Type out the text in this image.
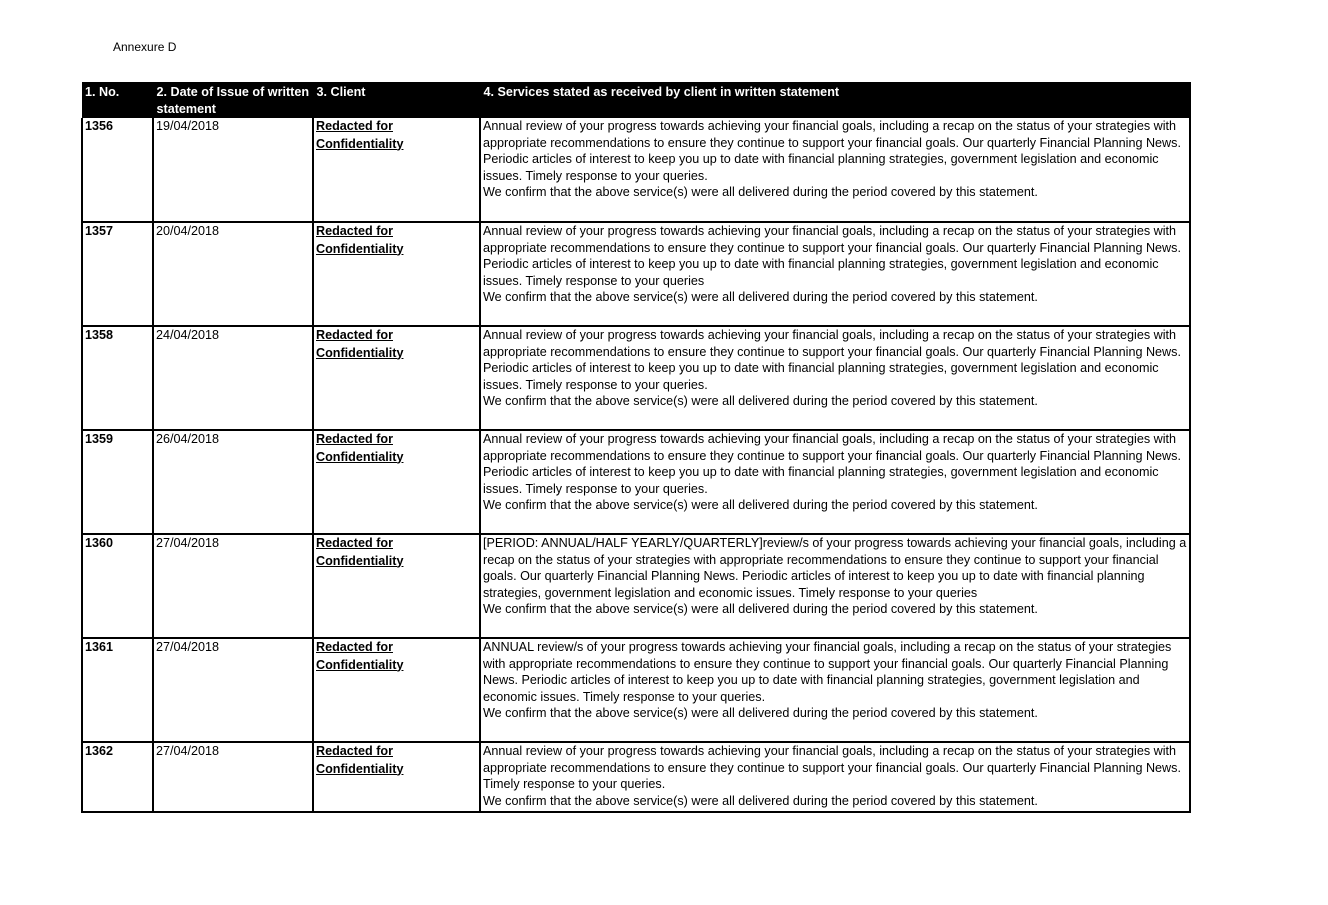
Annexure D
1. No.	2. Date of Issue of written statement	3. Client	4. Services stated as received by client in written statement
1356	19/04/2018	Redacted for
Confidentiality	Annual review of your progress towards achieving your financial goals, including a recap on the status of your strategies with appropriate recommendations to ensure they continue to support your financial goals. Our quarterly Financial Planning News. Periodic articles of interest to keep you up to date with financial planning strategies, government legislation and economic issues. Timely response to your queries.
We confirm that the above service(s) were all delivered during the period covered by this statement.
1357	20/04/2018	Redacted for
Confidentiality	Annual review of your progress towards achieving your financial goals, including a recap on the status of your strategies with appropriate recommendations to ensure they continue to support your financial goals. Our quarterly Financial Planning News. Periodic articles of interest to keep you up to date with financial planning strategies, government legislation and economic issues. Timely response to your queries
We confirm that the above service(s) were all delivered during the period covered by this statement.
1358	24/04/2018	Redacted for
Confidentiality	Annual review of your progress towards achieving your financial goals, including a recap on the status of your strategies with appropriate recommendations to ensure they continue to support your financial goals. Our quarterly Financial Planning News. Periodic articles of interest to keep you up to date with financial planning strategies, government legislation and economic issues. Timely response to your queries.
We confirm that the above service(s) were all delivered during the period covered by this statement.
1359	26/04/2018	Redacted for
Confidentiality	Annual review of your progress towards achieving your financial goals, including a recap on the status of your strategies with appropriate recommendations to ensure they continue to support your financial goals. Our quarterly Financial Planning News. Periodic articles of interest to keep you up to date with financial planning strategies, government legislation and economic issues. Timely response to your queries.
We confirm that the above service(s) were all delivered during the period covered by this statement.
1360	27/04/2018	Redacted for
Confidentiality	[PERIOD: ANNUAL/HALF YEARLY/QUARTERLY]review/s of your progress towards achieving your financial goals, including a recap on the status of your strategies with appropriate recommendations to ensure they continue to support your financial goals. Our quarterly Financial Planning News. Periodic articles of interest to keep you up to date with financial planning strategies, government legislation and economic issues. Timely response to your queries
We confirm that the above service(s) were all delivered during the period covered by this statement.
1361	27/04/2018	Redacted for
Confidentiality	ANNUAL review/s of your progress towards achieving your financial goals, including a recap on the status of your strategies with appropriate recommendations to ensure they continue to support your financial goals. Our quarterly Financial Planning News. Periodic articles of interest to keep you up to date with financial planning strategies, government legislation and economic issues. Timely response to your queries.
We confirm that the above service(s) were all delivered during the period covered by this statement.
1362	27/04/2018	Redacted for
Confidentiality	Annual review of your progress towards achieving your financial goals, including a recap on the status of your strategies with appropriate recommendations to ensure they continue to support your financial goals. Our quarterly Financial Planning News. Timely response to your queries.
We confirm that the above service(s) were all delivered during the period covered by this statement.
